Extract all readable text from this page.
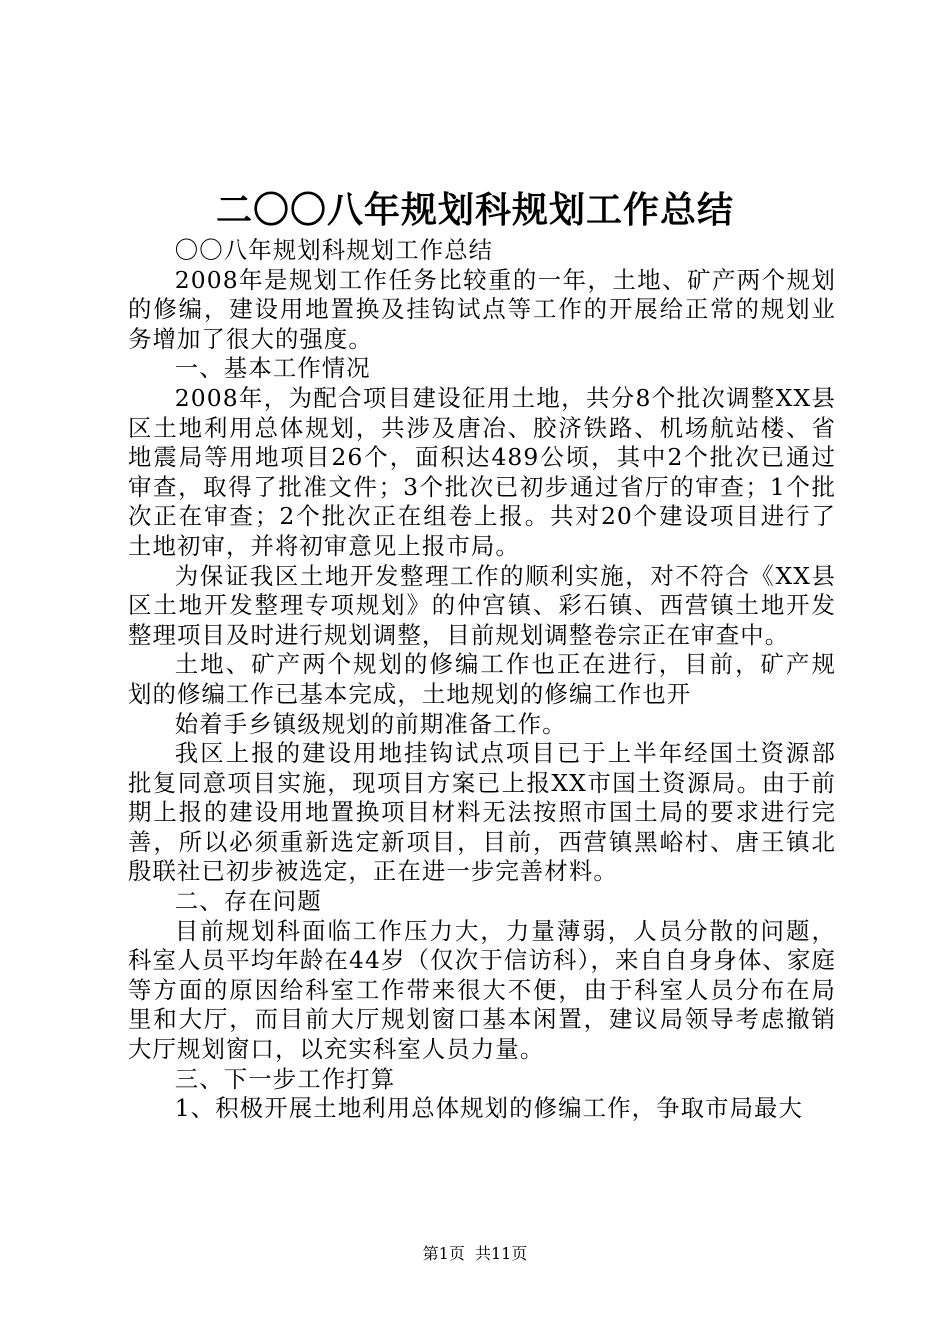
二〇〇八年规划科规划工作总结

〇〇八年规划科规划工作总结

2008年是规划工作任务比较重的一年，土地、矿产两个规划的修编，建设用地置换及挂钩试点等工作的开展给正常的规划业务增加了很大的强度。

一、基本工作情况

2008年，为配合项目建设征用土地，共分8个批次调整XX县区土地利用总体规划，共涉及唐冶、胶济铁路、机场航站楼、省地震局等用地项目26个，面积达489公顷，其中2个批次已通过审查，取得了批准文件；3个批次已初步通过省厅的审查；1个批次正在审查；2个批次正在组卷上报。共对20个建设项目进行了土地初审，并将初审意见上报市局。

为保证我区土地开发整理工作的顺利实施，对不符合《XX县区土地开发整理专项规划》的仲宫镇、彩石镇、西营镇土地开发整理项目及时进行规划调整，目前规划调整卷宗正在审查中。

土地、矿产两个规划的修编工作也正在进行，目前，矿产规划的修编工作已基本完成，土地规划的修编工作也开

始着手乡镇级规划的前期准备工作。

我区上报的建设用地挂钩试点项目已于上半年经国土资源部批复同意项目实施，现项目方案已上报XX市国土资源局。由于前期上报的建设用地置换项目材料无法按照市国土局的要求进行完善，所以必须重新选定新项目，目前，西营镇黑峪村、唐王镇北殷联社已初步被选定，正在进一步完善材料。

二、存在问题

目前规划科面临工作压力大，力量薄弱，人员分散的问题，科室人员平均年龄在44岁（仅次于信访科），来自自身身体、家庭等方面的原因给科室工作带来很大不便，由于科室人员分布在局里和大厅，而目前大厅规划窗口基本闲置，建议局领导考虑撤销大厅规划窗口，以充实科室人员力量。

三、下一步工作打算

1、积极开展土地利用总体规划的修编工作，争取市局最大

第1页  共11页
